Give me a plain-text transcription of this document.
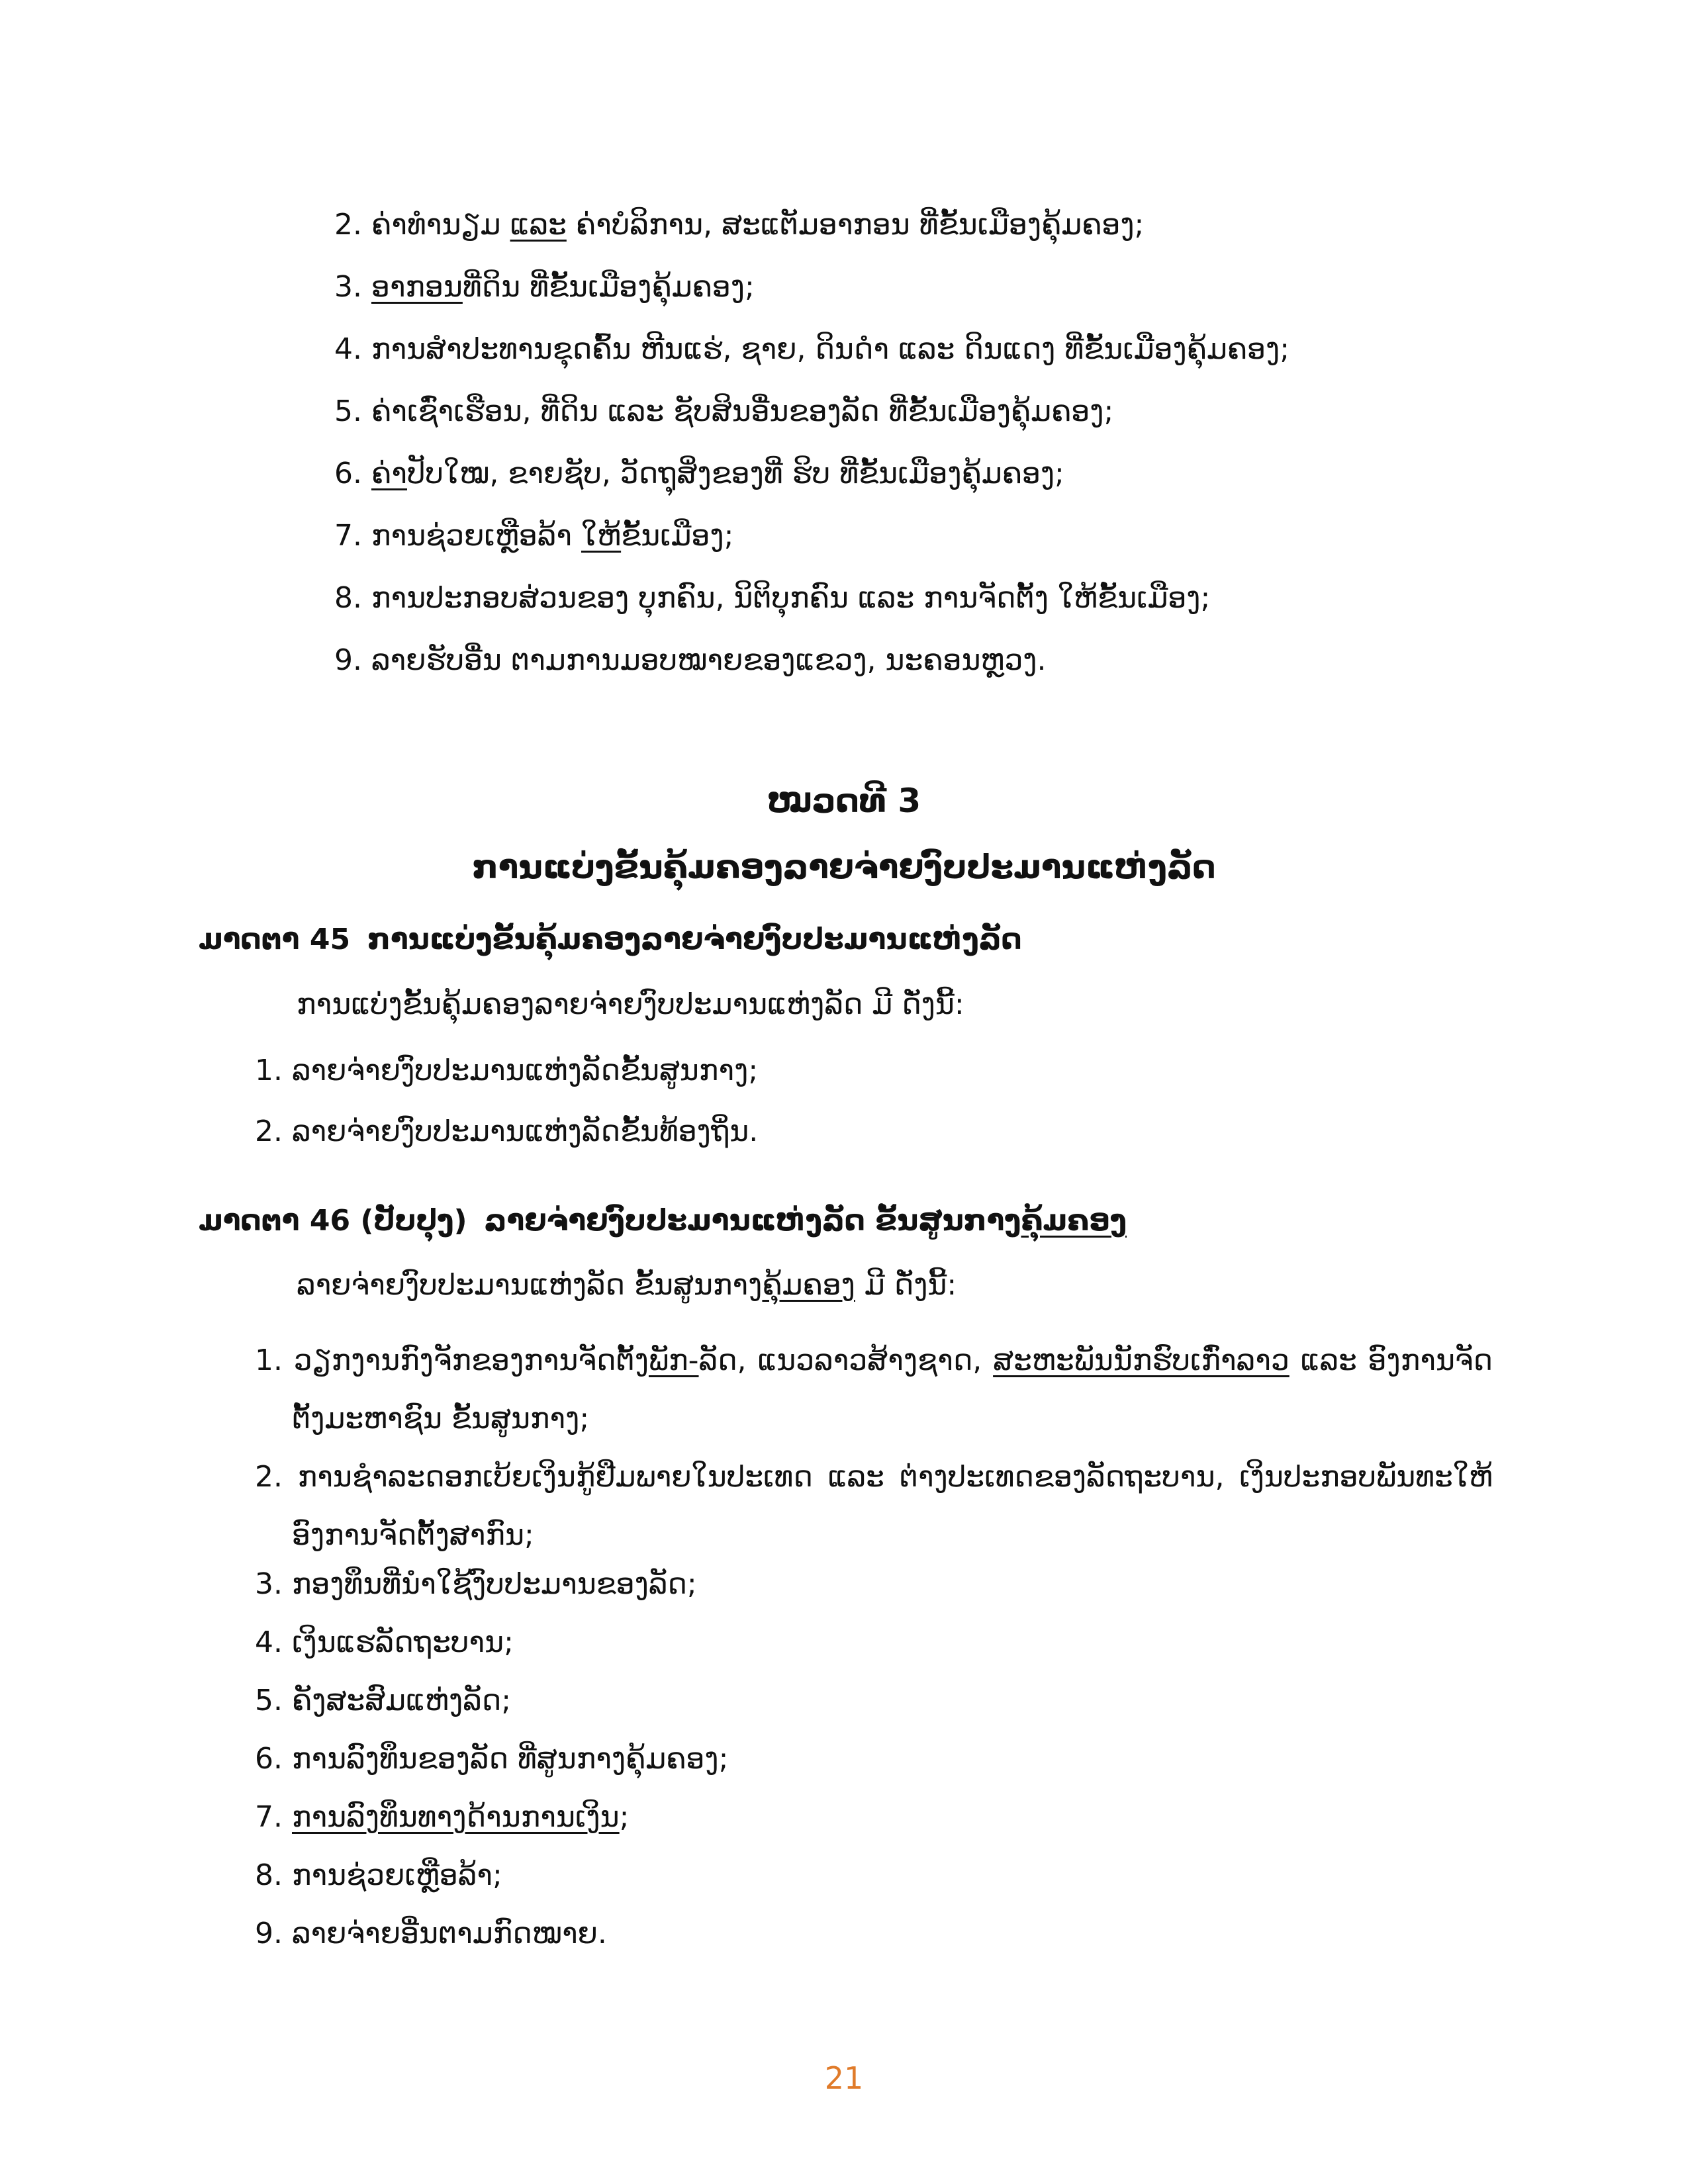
2. ຄ່າທຳນຽມ ແລະ ຄ່າບໍລິການ, ສະແຕັມອາກອນ ທີ່ຂັ້ນເມືອງຄຸ້ມຄອງ;
3. ອາກອນທີ່ດິນ ທີ່ຂັ້ນເມືອງຄຸ້ມຄອງ;
4. ການສຳປະທານຂຸດຄົ້ນ ຫີນແຮ່, ຊາຍ, ດິນດຳ ແລະ ດິນແດງ ທີ່ຂັ້ນເມືອງຄຸ້ມຄອງ;
5. ຄ່າເຊົ່າເຮືອນ, ທີ່ດິນ ແລະ ຊັບສິນອື່ນຂອງລັດ ທີ່ຂັ້ນເມືອງຄຸ້ມຄອງ;
6. ຄ່າປັບໃໝ, ຂາຍຊັບ, ວັດຖຸສິ່ງຂອງທີ່ ຮິບ ທີ່ຂັ້ນເມືອງຄຸ້ມຄອງ;
7. ການຊ່ວຍເຫຼືອລ້າ ໃຫ້ຂັ້ນເມືອງ;
8. ການປະກອບສ່ວນຂອງ ບຸກຄົນ, ນິຕິບຸກຄົນ ແລະ ການຈັດຕັ້ງ ໃຫ້ຂັ້ນເມືອງ;
9. ລາຍຮັບອື່ນ ຕາມການມອບໝາຍຂອງແຂວງ, ນະຄອນຫຼວງ.
ໝວດທີ 3
ການແບ່ງຂັ້ນຄຸ້ມຄອງລາຍຈ່າຍງົບປະມານແຫ່ງລັດ
ມາດຕາ 45 ການແບ່ງຂັ້ນຄຸ້ມຄອງລາຍຈ່າຍງົບປະມານແຫ່ງລັດ
ການແບ່ງຂັ້ນຄຸ້ມຄອງລາຍຈ່າຍງົບປະມານແຫ່ງລັດ ມີ ດັ່ງນີ້:
1. ລາຍຈ່າຍງົບປະມານແຫ່ງລັດຂັ້ນສູນກາງ;
2. ລາຍຈ່າຍງົບປະມານແຫ່ງລັດຂັ້ນທ້ອງຖິ່ນ.
ມາດຕາ 46 (ປັບປຸງ) ລາຍຈ່າຍງົບປະມານແຫ່ງລັດ ຂັ້ນສູນກາງຄຸ້ມຄອງ
ລາຍຈ່າຍງົບປະມານແຫ່ງລັດ ຂັ້ນສູນກາງຄຸ້ມຄອງ ມີ ດັ່ງນີ້:
1. ວຽກງານກົງຈັກຂອງການຈັດຕັ້ງພັກ-ລັດ, ແນວລາວສ້າງຊາດ, ສະຫະພັນນັກຮົບເກົ່າລາວ ແລະ ອົງການຈັດ
ຕັ້ງມະຫາຊົນ ຂັ້ນສູນກາງ;
2. ການຊຳລະດອກເບ້ຍເງິນກູ້ຢືມພາຍໃນປະເທດ ແລະ ຕ່າງປະເທດຂອງລັດຖະບານ, ເງິນປະກອບພັນທະໃຫ້
ອົງການຈັດຕັ້ງສາກົນ;
3. ກອງທຶນທີ່ນຳໃຊ້ງົບປະມານຂອງລັດ;
4. ເງິນແຮລັດຖະບານ;
5. ຄັງສະສົມແຫ່ງລັດ;
6. ການລົງທຶນຂອງລັດ ທີ່ສູນກາງຄຸ້ມຄອງ;
7. ການລົງທຶນທາງດ້ານການເງິນ;
8. ການຊ່ວຍເຫຼືອລ້າ;
9. ລາຍຈ່າຍອື່ນຕາມກົດໝາຍ.
21
